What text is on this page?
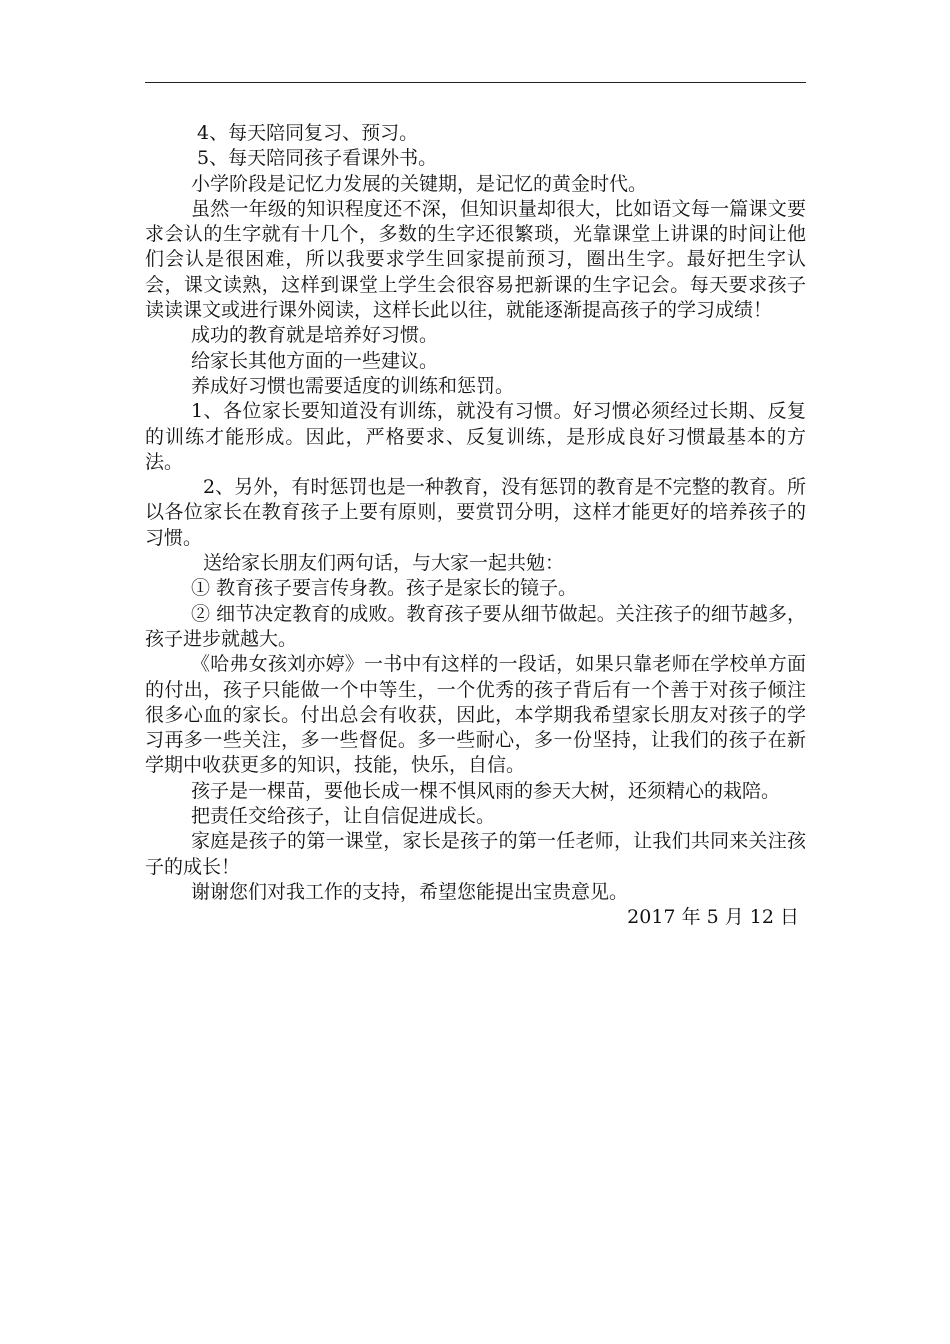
4、每天陪同复习、预习。

5、每天陪同孩子看课外书。

小学阶段是记忆力发展的关键期，是记忆的黄金时代。

虽然一年级的知识程度还不深，但知识量却很大，比如语文每一篇课文要求会认的生字就有十几个，多数的生字还很繁琐，光靠课堂上讲课的时间让他们会认是很困难，所以我要求学生回家提前预习，圈出生字。最好把生字认会，课文读熟，这样到课堂上学生会很容易把新课的生字记会。每天要求孩子读读课文或进行课外阅读，这样长此以往，就能逐渐提高孩子的学习成绩！

成功的教育就是培养好习惯。

给家长其他方面的一些建议。

养成好习惯也需要适度的训练和惩罚。

1、各位家长要知道没有训练，就没有习惯。好习惯必须经过长期、反复的训练才能形成。因此，严格要求、反复训练，是形成良好习惯最基本的方法。

2、另外，有时惩罚也是一种教育，没有惩罚的教育是不完整的教育。所以各位家长在教育孩子上要有原则，要赏罚分明，这样才能更好的培养孩子的习惯。

送给家长朋友们两句话，与大家一起共勉：

① 教育孩子要言传身教。孩子是家长的镜子。

② 细节决定教育的成败。教育孩子要从细节做起。关注孩子的细节越多，孩子进步就越大。

《哈弗女孩刘亦婷》一书中有这样的一段话，如果只靠老师在学校单方面的付出，孩子只能做一个中等生，一个优秀的孩子背后有一个善于对孩子倾注很多心血的家长。付出总会有收获，因此，本学期我希望家长朋友对孩子的学习再多一些关注，多一些督促。多一些耐心，多一份坚持，让我们的孩子在新学期中收获更多的知识，技能，快乐，自信。

孩子是一棵苗，要他长成一棵不惧风雨的参天大树，还须精心的栽陪。

把责任交给孩子，让自信促进成长。

家庭是孩子的第一课堂，家长是孩子的第一任老师，让我们共同来关注孩子的成长！

谢谢您们对我工作的支持，希望您能提出宝贵意见。

2017 年 5 月 12 日
